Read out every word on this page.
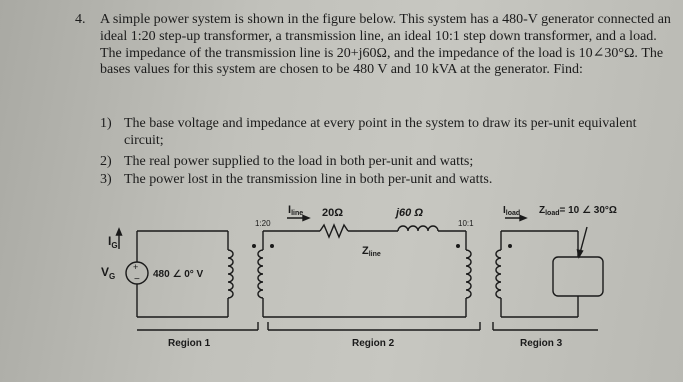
4. A simple power system is shown in the figure below. This system has a 480-V generator connected an ideal 1:20 step-up transformer, a transmission line, an ideal 10:1 step down transformer, and a load. The impedance of the transmission line is 20+j60Ω, and the impedance of the load is 10∠30°Ω. The bases values for this system are chosen to be 480 V and 10 kVA at the generator. Find:

1) The base voltage and impedance at every point in the system to draw its per-unit equivalent circuit;
2) The real power supplied to the load in both per-unit and watts;
3) The power lost in the transmission line in both per-unit and watts.
+
−
$I_G$
$V_G$	480 ∠ 0° V
1:20	10:1
Iline 20Ω	j60 Ω
Zline
$I_{load}$ $Z_{load}= 10$ ∠ 30°Ω
Region 1	Region 2	Region 3
